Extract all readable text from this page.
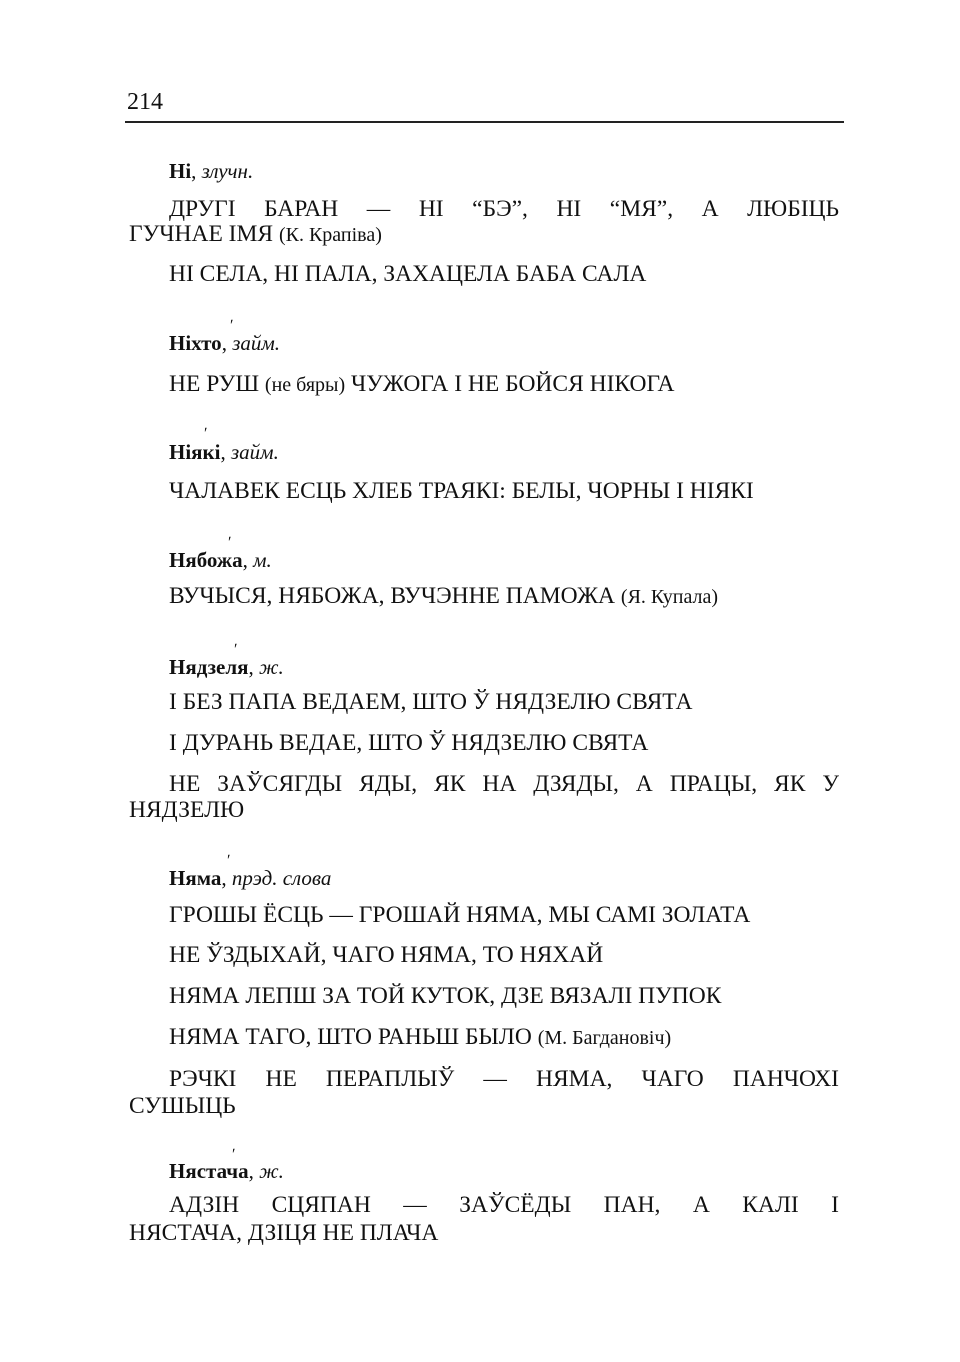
214
Ні, злучн.
ДРУГІ БАРАН — НІ “БЭ”, НІ “МЯ”, А ЛЮБІЦЬ
ГУЧНАЕ ІМЯ (К. Крапіва)
НІ СЕЛА, НІ ПАЛА, ЗАХАЦЕЛА БАБА САЛА
ʹ
Ніхто, займ.
НЕ РУШ (не бяры) ЧУЖОГА І НЕ БОЙСЯ НІКОГА
ʹ
Ніякі, займ.
ЧАЛАВЕК ЕСЦЬ ХЛЕБ ТРАЯКІ: БЕЛЫ, ЧОРНЫ І НІЯКІ
ʹ
Нябожа, м.
ВУЧЫСЯ, НЯБОЖА, ВУЧЭННЕ ПАМОЖА (Я. Купала)
ʹ
Нядзеля, ж.
І БЕЗ ПАПА ВЕДАЕМ, ШТО Ў НЯДЗЕЛЮ СВЯТА
І ДУРАНЬ ВЕДАЕ, ШТО Ў НЯДЗЕЛЮ СВЯТА
НЕ ЗАЎСЯГДЫ ЯДЫ, ЯК НА ДЗЯДЫ, А ПРАЦЫ, ЯК У
НЯДЗЕЛЮ
ʹ
Няма, прэд. слова
ГРОШЫ ЁСЦЬ — ГРОШАЙ НЯМА, МЫ САМІ ЗОЛАТА
НЕ ЎЗДЫХАЙ, ЧАГО НЯМА, ТО НЯХАЙ
НЯМА ЛЕПШ ЗА ТОЙ КУТОК, ДЗЕ ВЯЗАЛІ ПУПОК
НЯМА ТАГО, ШТО РАНЬШ БЫЛО (М. Багдановіч)
РЭЧКІ НЕ ПЕРАПЛЫЎ — НЯМА, ЧАГО ПАНЧОХІ
СУШЫЦЬ
ʹ
Нястача, ж.
АДЗІН СЦЯПАН — ЗАЎСЁДЫ ПАН, А КАЛІ І
НЯСТАЧА, ДЗІЦЯ НЕ ПЛАЧА
